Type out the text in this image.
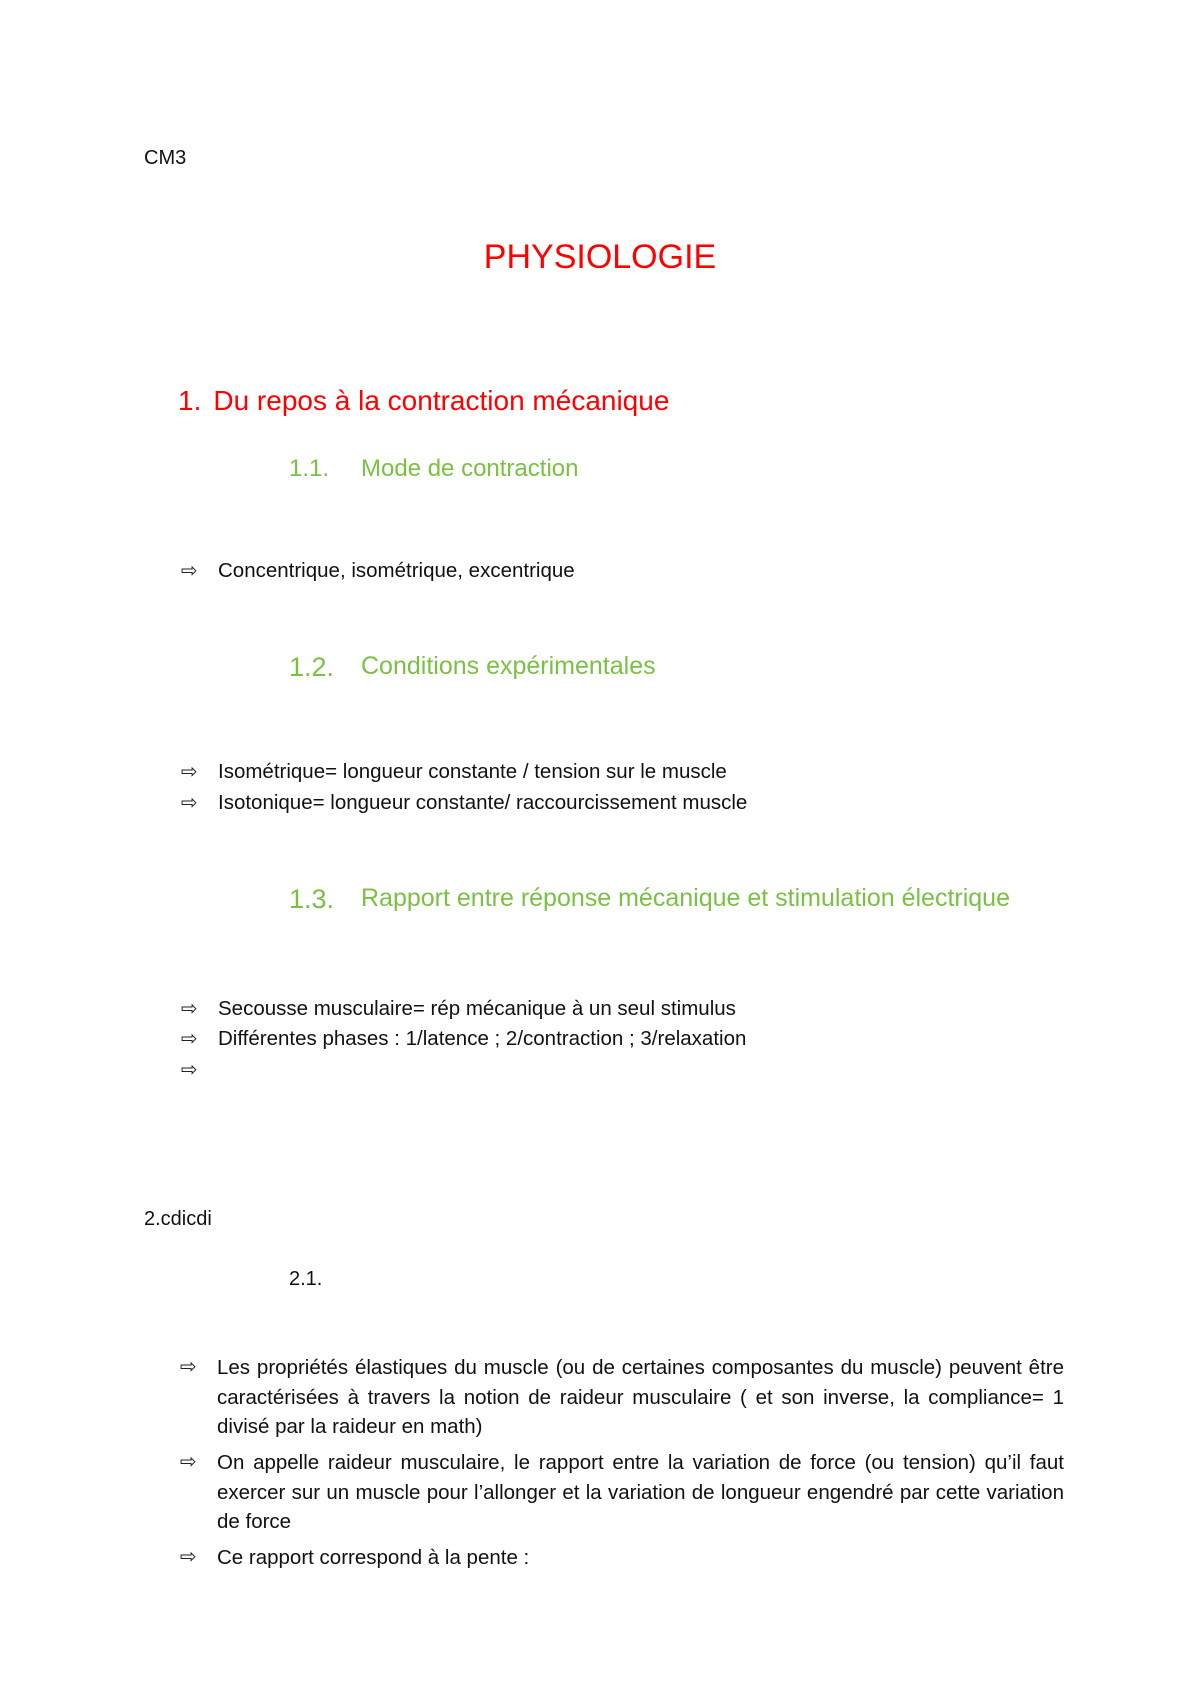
CM3
PHYSIOLOGIE
1. Du repos à la contraction mécanique
1.1. Mode de contraction
⇨ Concentrique, isométrique, excentrique
1.2. Conditions expérimentales
⇨ Isométrique= longueur constante / tension sur le muscle
⇨ Isotonique= longueur constante/ raccourcissement muscle
1.3. Rapport entre réponse mécanique et stimulation électrique
⇨ Secousse musculaire= rép mécanique à un seul stimulus
⇨ Différentes phases : 1/latence ; 2/contraction ; 3/relaxation
⇨
2.cdicdi
2.1.
⇨ Les propriétés élastiques du muscle (ou de certaines composantes du muscle) peuvent être caractérisées à travers la notion de raideur musculaire ( et son inverse, la compliance= 1 divisé par la raideur en math)
⇨ On appelle raideur musculaire, le rapport entre la variation de force (ou tension) qu’il faut exercer sur un muscle pour l’allonger et la variation de longueur engendré par cette variation de force
⇨ Ce rapport correspond à la pente :
